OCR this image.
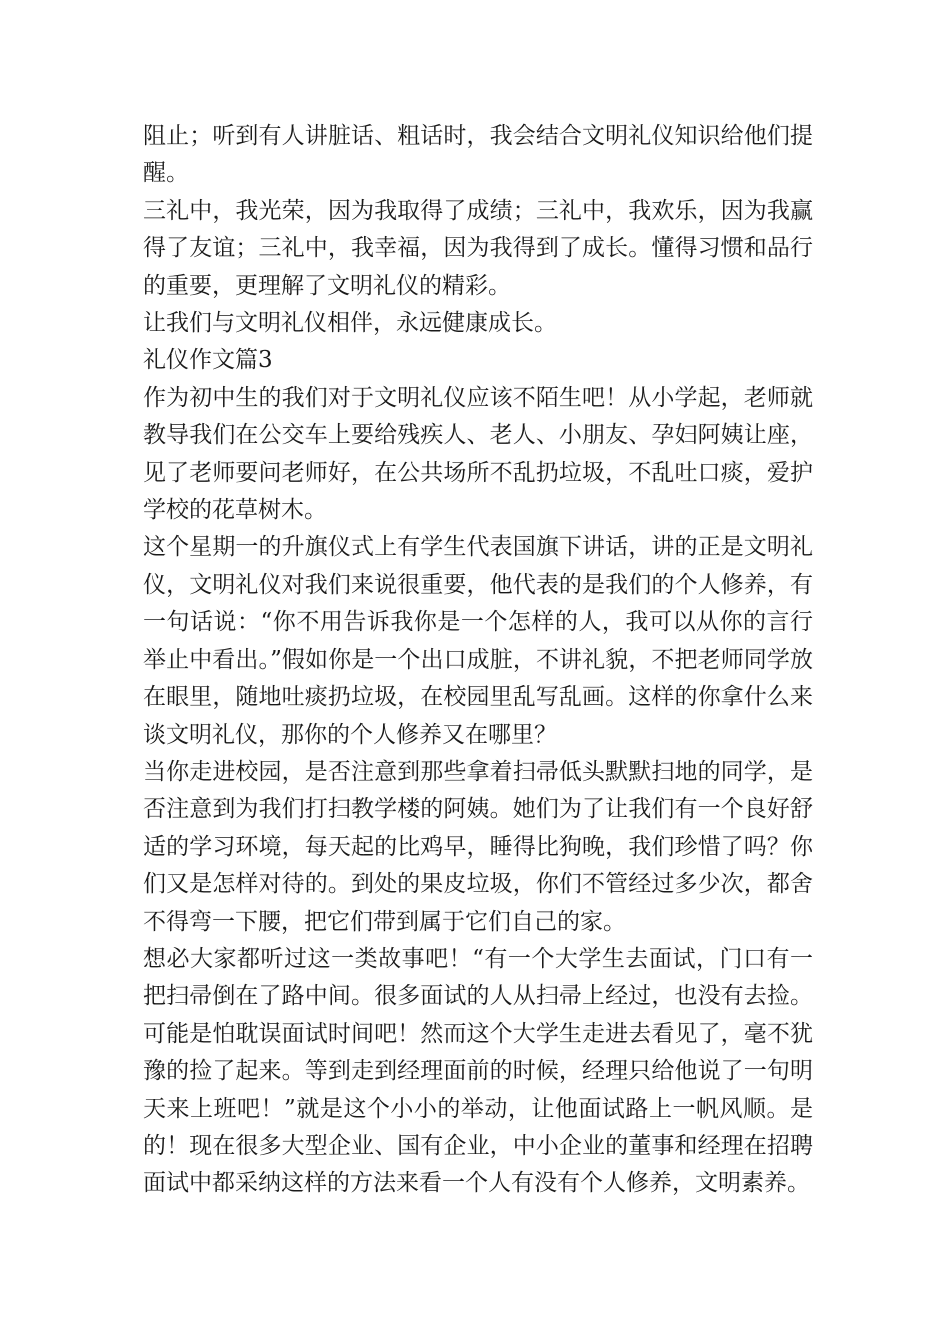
阻止；听到有人讲脏话、粗话时，我会结合文明礼仪知识给他们提醒。

三礼中，我光荣，因为我取得了成绩；三礼中，我欢乐，因为我赢得了友谊；三礼中，我幸福，因为我得到了成长。懂得习惯和品行的重要，更理解了文明礼仪的精彩。

让我们与文明礼仪相伴，永远健康成长。

礼仪作文篇3

作为初中生的我们对于文明礼仪应该不陌生吧！从小学起，老师就教导我们在公交车上要给残疾人、老人、小朋友、孕妇阿姨让座，见了老师要问老师好，在公共场所不乱扔垃圾，不乱吐口痰，爱护学校的花草树木。

这个星期一的升旗仪式上有学生代表国旗下讲话，讲的正是文明礼仪，文明礼仪对我们来说很重要，他代表的是我们的个人修养，有一句话说：“你不用告诉我你是一个怎样的人，我可以从你的言行举止中看出。”假如你是一个出口成脏，不讲礼貌，不把老师同学放在眼里，随地吐痰扔垃圾，在校园里乱写乱画。这样的你拿什么来谈文明礼仪，那你的个人修养又在哪里？

当你走进校园，是否注意到那些拿着扫帚低头默默扫地的同学，是否注意到为我们打扫教学楼的阿姨。她们为了让我们有一个良好舒适的学习环境，每天起的比鸡早，睡得比狗晚，我们珍惜了吗？你们又是怎样对待的。到处的果皮垃圾，你们不管经过多少次，都舍不得弯一下腰，把它们带到属于它们自己的家。

想必大家都听过这一类故事吧！“有一个大学生去面试，门口有一把扫帚倒在了路中间。很多面试的人从扫帚上经过，也没有去捡。可能是怕耽误面试时间吧！然而这个大学生走进去看见了，毫不犹豫的捡了起来。等到走到经理面前的时候，经理只给他说了一句明天来上班吧！”就是这个小小的举动，让他面试路上一帆风顺。是的！现在很多大型企业、国有企业，中小企业的董事和经理在招聘面试中都采纳这样的方法来看一个人有没有个人修养，文明素养。
